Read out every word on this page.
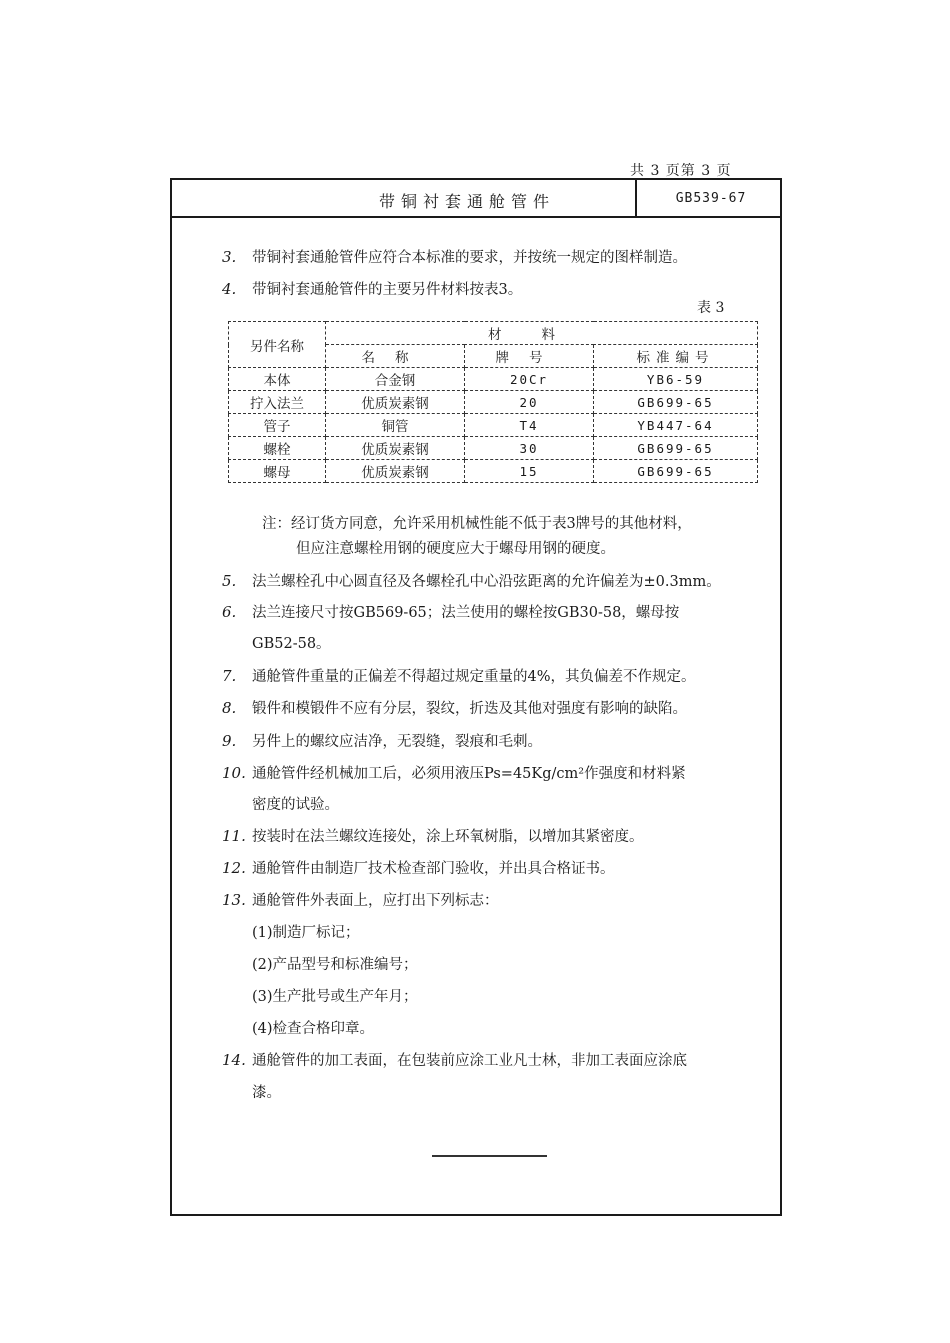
共 3 页第 3 页
带铜衬套通舱管件	GB539-67
3. 带铜衬套通舱管件应符合本标准的要求，并按统一规定的图样制造。
4. 带铜衬套通舱管件的主要另件材料按表3。
表 3
另件名称	材料		
	名称	牌号	标准编号
本体	合金钢	20Cr	YB6-59
拧入法兰	优质炭素钢	20	GB699-65
管子	铜管	T4	YB447-64
螺栓	优质炭素钢	30	GB699-65
螺母	优质炭素钢	15	GB699-65
注：经订货方同意，允许采用机械性能不低于表3牌号的其他材料，
但应注意螺栓用钢的硬度应大于螺母用钢的硬度。
5. 法兰螺栓孔中心圆直径及各螺栓孔中心沿弦距离的允许偏差为±0.3mm。
6. 法兰连接尺寸按GB569-65；法兰使用的螺栓按GB30-58，螺母按
GB52-58。
7. 通舱管件重量的正偏差不得超过规定重量的4%，其负偏差不作规定。
8. 锻件和模锻件不应有分层，裂纹，折迭及其他对强度有影响的缺陷。
9. 另件上的螺纹应洁净，无裂缝，裂痕和毛刺。
10. 通舱管件经机械加工后，必须用液压Ps=45Kg/cm²作强度和材料紧
密度的试验。
11. 按装时在法兰螺纹连接处，涂上环氧树脂，以增加其紧密度。
12. 通舱管件由制造厂技术检查部门验收，并出具合格证书。
13. 通舱管件外表面上，应打出下列标志：
(1)制造厂标记；
(2)产品型号和标准编号；
(3)生产批号或生产年月；
(4)检查合格印章。
14. 通舱管件的加工表面，在包装前应涂工业凡士林，非加工表面应涂底
漆。
